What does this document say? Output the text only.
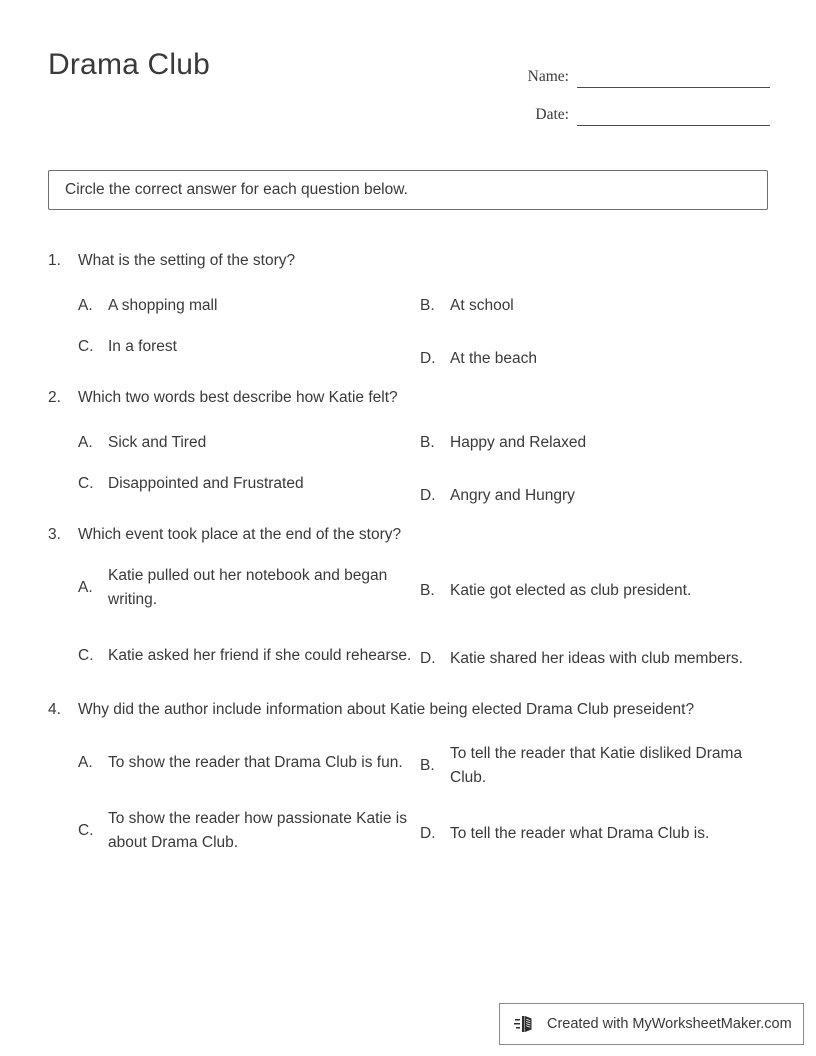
Drama Club	Name:
Date:
Circle the correct answer for each question below.
1.	What is the setting of the story?
A. A shopping mall	B. At school
C. In a forest
D. At the beach
2.	Which two words best describe how Katie felt?
A. Sick and Tired	B. Happy and Relaxed
C. Disappointed and Frustrated
D. Angry and Hungry
3.	Which event took place at the end of the story?
A.
Katie pulled out her notebook and began writing.
B. Katie got elected as club president.
C. Katie asked her friend if she could rehearse. D. Katie shared her ideas with club members.
4.	Why did the author include information about Katie being elected Drama Club preseident?
A. To show the reader that Drama Club is fun.	B.
To tell the reader that Katie disliked Drama Club.
C.
To show the reader how passionate Katie is about Drama Club.
D. To tell the reader what Drama Club is.
Created with MyWorksheetMaker.com
